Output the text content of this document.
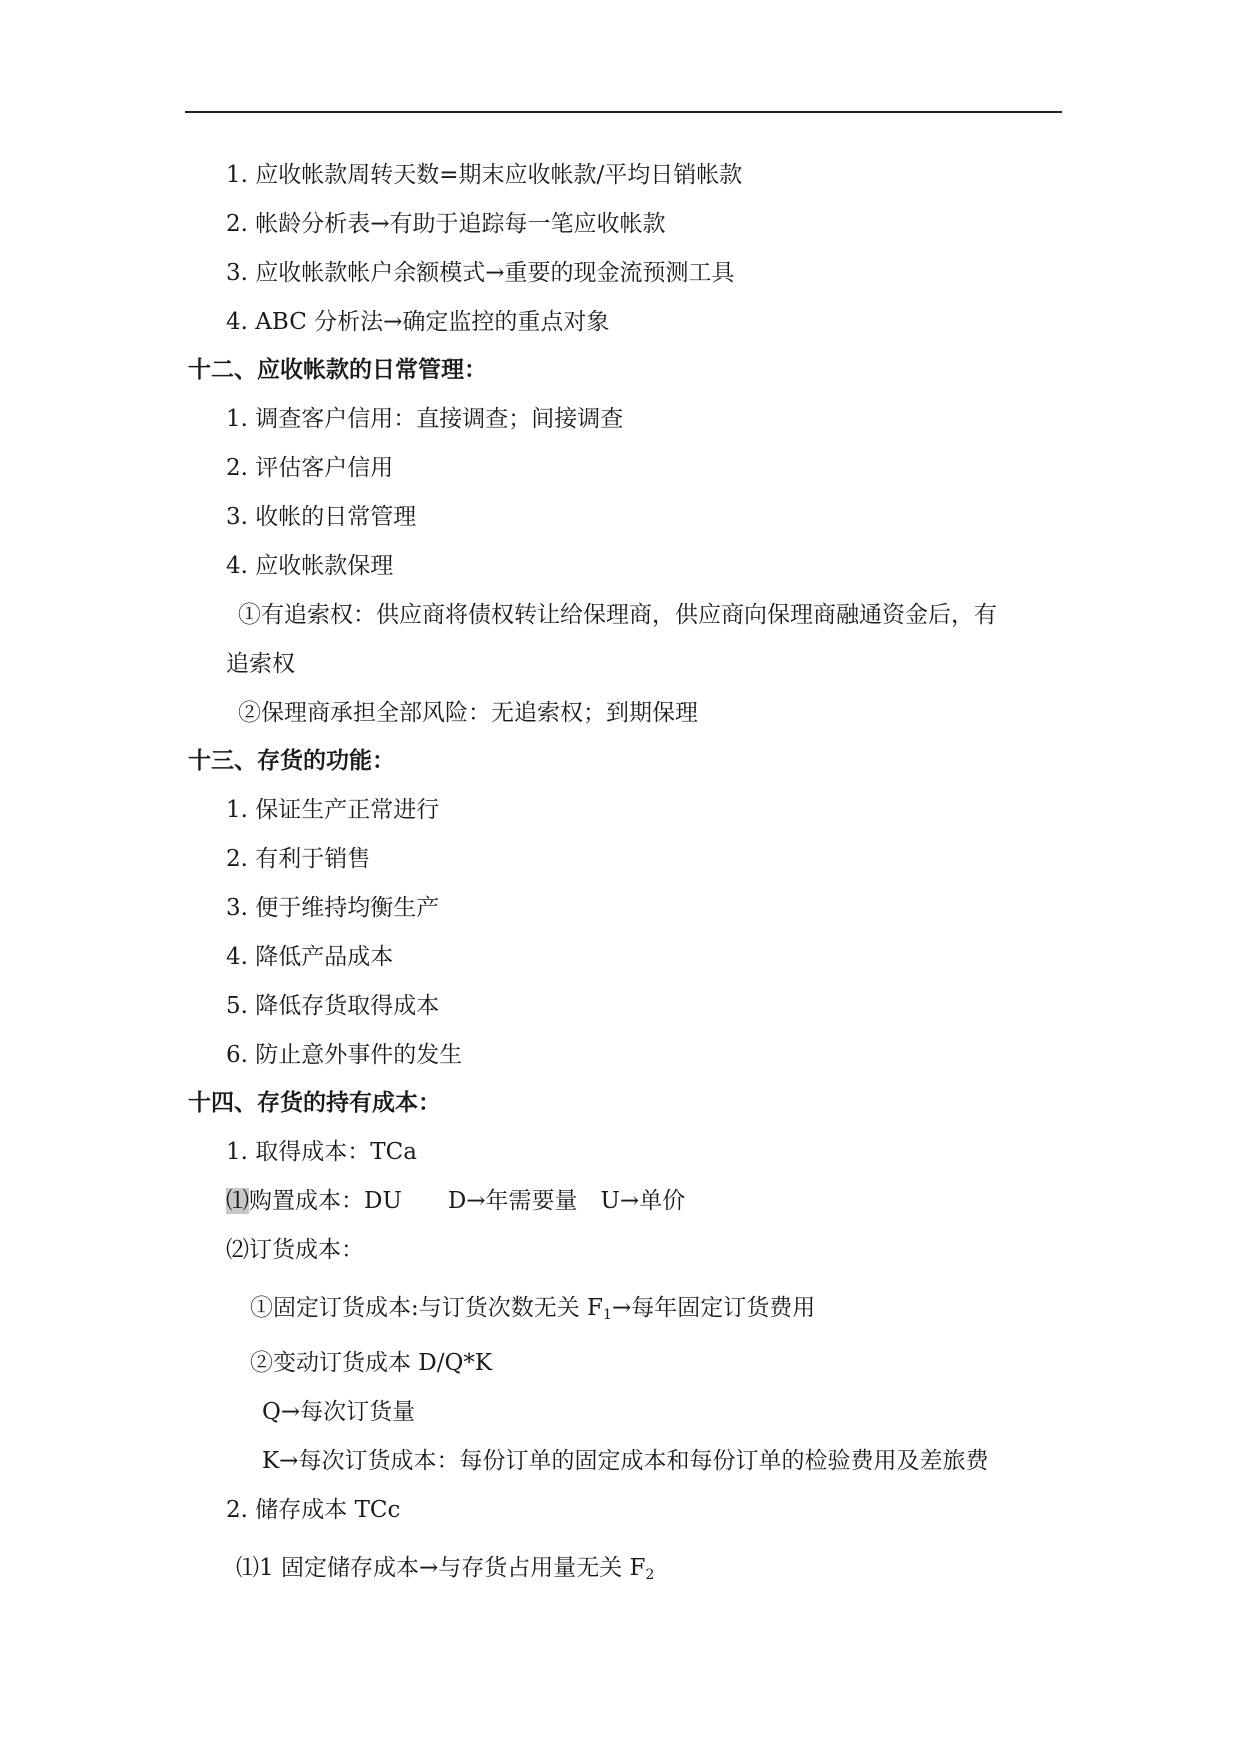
1. 应收帐款周转天数=期末应收帐款/平均日销帐款
2. 帐龄分析表→有助于追踪每一笔应收帐款
3. 应收帐款帐户余额模式→重要的现金流预测工具
4. ABC 分析法→确定监控的重点对象
十二、应收帐款的日常管理：
1. 调查客户信用：直接调查；间接调查
2. 评估客户信用
3. 收帐的日常管理
4. 应收帐款保理
①有追索权：供应商将债权转让给保理商，供应商向保理商融通资金后，有
追索权
②保理商承担全部风险：无追索权；到期保理
十三、存货的功能：
1. 保证生产正常进行
2. 有利于销售
3. 便于维持均衡生产
4. 降低产品成本
5. 降低存货取得成本
6. 防止意外事件的发生
十四、存货的持有成本：
1. 取得成本：TCa
⑴购置成本：DU　　D→年需要量　U→单价
⑵订货成本：
①固定订货成本:与订货次数无关 $F_1\to$每年固定订货费用
②变动订货成本 D/Q*K
Q→每次订货量
K→每次订货成本：每份订单的固定成本和每份订单的检验费用及差旅费
2. 储存成本 TCc
⑴1 固定储存成本→与存货占用量无关 $F_2$
